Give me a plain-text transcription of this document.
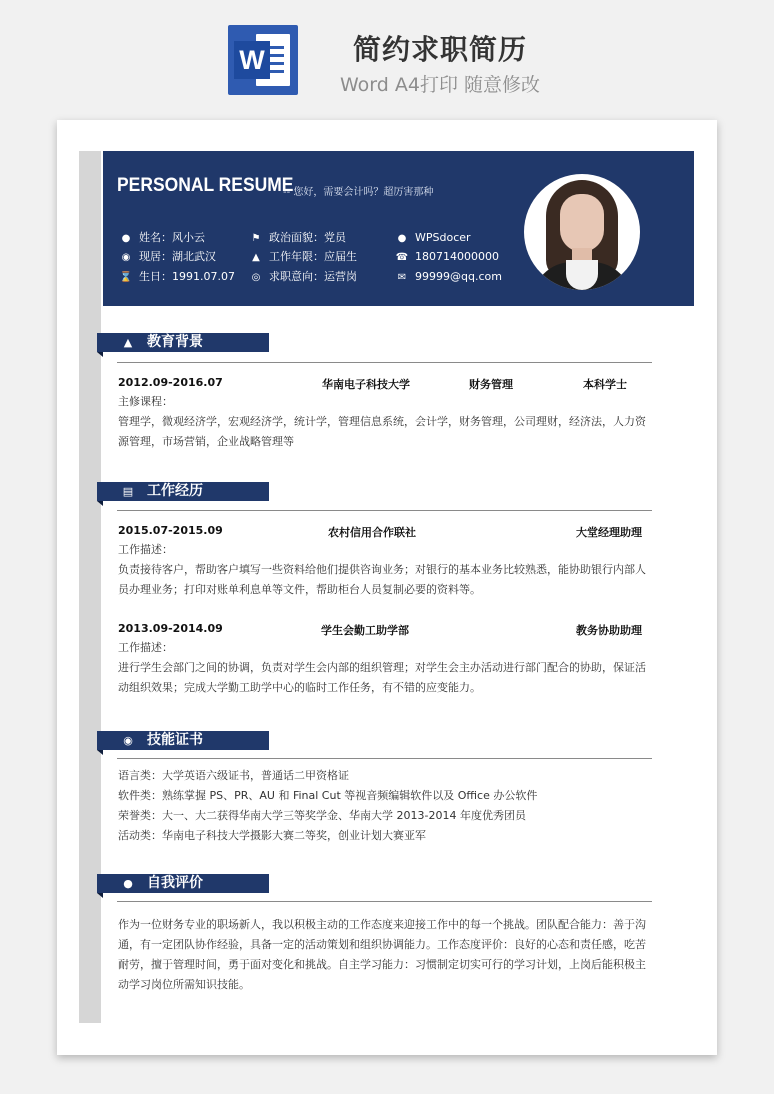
W	简约求职简历
Word A4打印 随意修改
PERSONAL RESUME
-- 您好，需要会计吗？超厉害那种
● 姓名：风小云
◉ 现居：湖北武汉
⌛ 生日：1991.07.07
⚑ 政治面貌：党员
▲ 工作年限：应届生
◎ 求职意向：运营岗
● WPSdocer
☎ 18071400000​0
✉ 99999@qq.com
▲ 教育背景
2012.09-2016.07	华南电子科技大学	财务管理	本科学士
主修课程：
管理学，微观经济学，宏观经济学，统计学，管理信息系统，会计学，财务管理，公司理财，经济法，人力资源管理，市场营销，企业战略管理等
▤ 工作经历
2015.07-2015.09	农村信用合作联社	大堂经理助理
工作描述：
负责接待客户，帮助客户填写一些资料给他们提供咨询业务；对银行的基本业务比较熟悉，能协助银行内部人员办理业务；打印对账单利息单等文件，帮助柜台人员复制必要的资料等。
2013.09-2014.09	学生会勤工助学部	教务协助助理
工作描述：
进行学生会部门之间的协调，负责对学生会内部的组织管理；对学生会主办活动进行部门配合的协助，保证活动组织效果；完成大学勤工助学中心的临时工作任务，有不错的应变能力。
◉ 技能证书
语言类：大学英语六级证书，普通话二甲资格证
软件类：熟练掌握 PS、PR、AU 和 Final Cut 等视音频编辑软件以及 Office 办公软件
荣誉类：大一、大二获得华南大学三等奖学金、华南大学 2013-2014 年度优秀团员
活动类：华南电子科技大学摄影大赛二等奖，创业计划大赛亚军
● 自我评价
作为一位财务专业的职场新人，我以积极主动的工作态度来迎接工作中的每一个挑战。团队配合能力：善于沟通，有一定团队协作经验，具备一定的活动策划和组织协调能力。工作态度评价：良好的心态和责任感，吃苦耐劳，擅于管理时间，勇于面对变化和挑战。自主学习能力：习惯制定切实可行的学习计划，上岗后能积极主动学习岗位所需知识技能。
